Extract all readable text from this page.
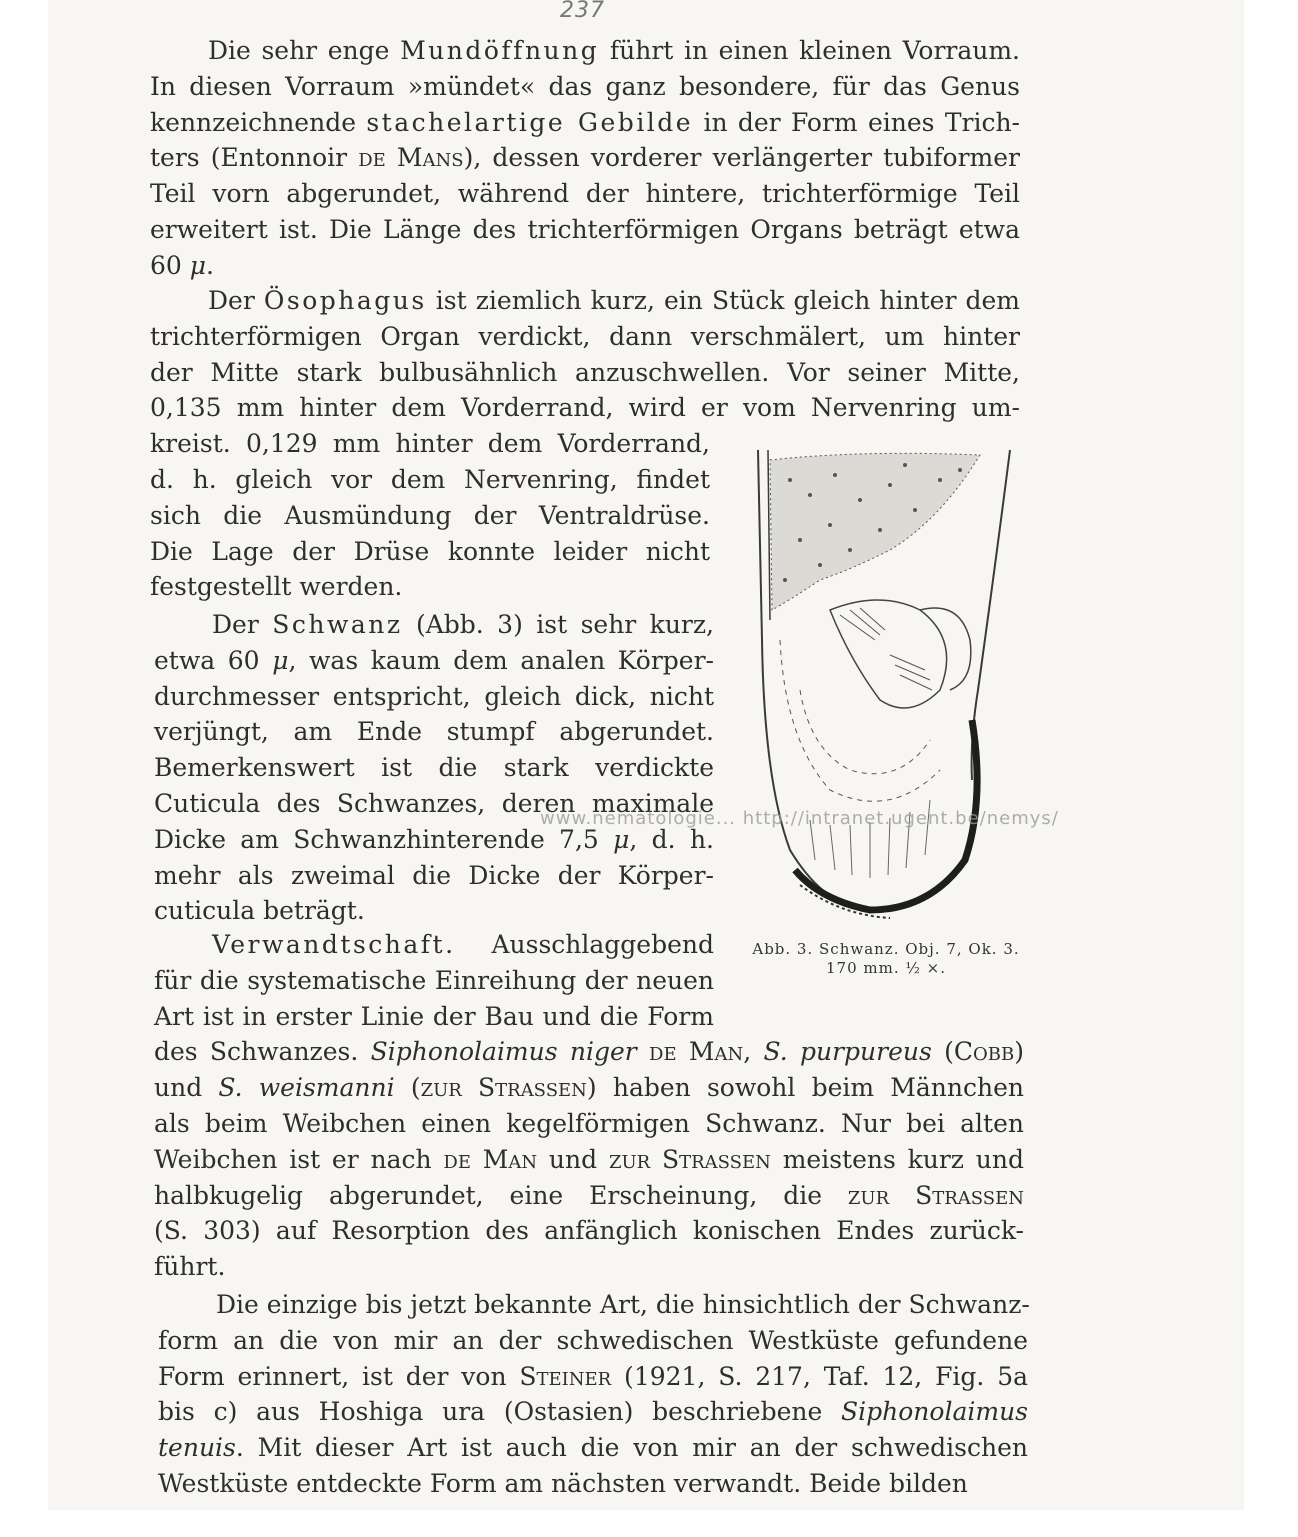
237
Die sehr enge Mundöffnung führt in einen kleinen Vorraum.
In diesen Vorraum »mündet« das ganz besondere, für das Genus
kennzeichnende stachelartige Gebilde in der Form eines Trich-
ters (Entonnoir de Mans), dessen vorderer verlängerter tubiformer
Teil vorn abgerundet, während der hintere, trichterförmige Teil
erweitert ist. Die Länge des trichterförmigen Organs beträgt etwa
60 μ.
Der Ösophagus ist ziemlich kurz, ein Stück gleich hinter dem
trichterförmigen Organ verdickt, dann verschmälert, um hinter
der Mitte stark bulbusähnlich anzuschwellen. Vor seiner Mitte,
0,135 mm hinter dem Vorderrand, wird er vom Nervenring um-
kreist. 0,129 mm hinter dem Vorderrand,
d. h. gleich vor dem Nervenring, findet
sich die Ausmündung der Ventraldrüse.
Die Lage der Drüse konnte leider nicht
festgestellt werden.
Der Schwanz (Abb. 3) ist sehr kurz,
etwa 60 μ, was kaum dem analen Körper-
durchmesser entspricht, gleich dick, nicht
verjüngt, am Ende stumpf abgerundet.
Bemerkenswert ist die stark verdickte
Cuticula des Schwanzes, deren maximale
Dicke am Schwanzhinterende 7,5 μ, d. h.
mehr als zweimal die Dicke der Körper-
cuticula beträgt.
Verwandtschaft. Ausschlaggebend
für die systematische Einreihung der neuen
Art ist in erster Linie der Bau und die Form
des Schwanzes. Siphonolaimus niger de Man, S. purpureus (Cobb)
und S. weismanni (zur Strassen) haben sowohl beim Männchen
als beim Weibchen einen kegelförmigen Schwanz. Nur bei alten
Weibchen ist er nach de Man und zur Strassen meistens kurz und
halbkugelig abgerundet, eine Erscheinung, die zur Strassen
(S. 303) auf Resorption des anfänglich konischen Endes zurück-
führt.
Die einzige bis jetzt bekannte Art, die hinsichtlich der Schwanz-
form an die von mir an der schwedischen Westküste gefundene
Form erinnert, ist der von Steiner (1921, S. 217, Taf. 12, Fig. 5a
bis c) aus Hoshiga ura (Ostasien) beschriebene Siphonolaimus
tenuis. Mit dieser Art ist auch die von mir an der schwedischen
Westküste entdeckte Form am nächsten verwandt. Beide bilden
Abb. 3. Schwanz. Obj. 7, Ok. 3.
170 mm. ½ ×.
www.nematologie... http://intranet.ugent.be/nemys/
